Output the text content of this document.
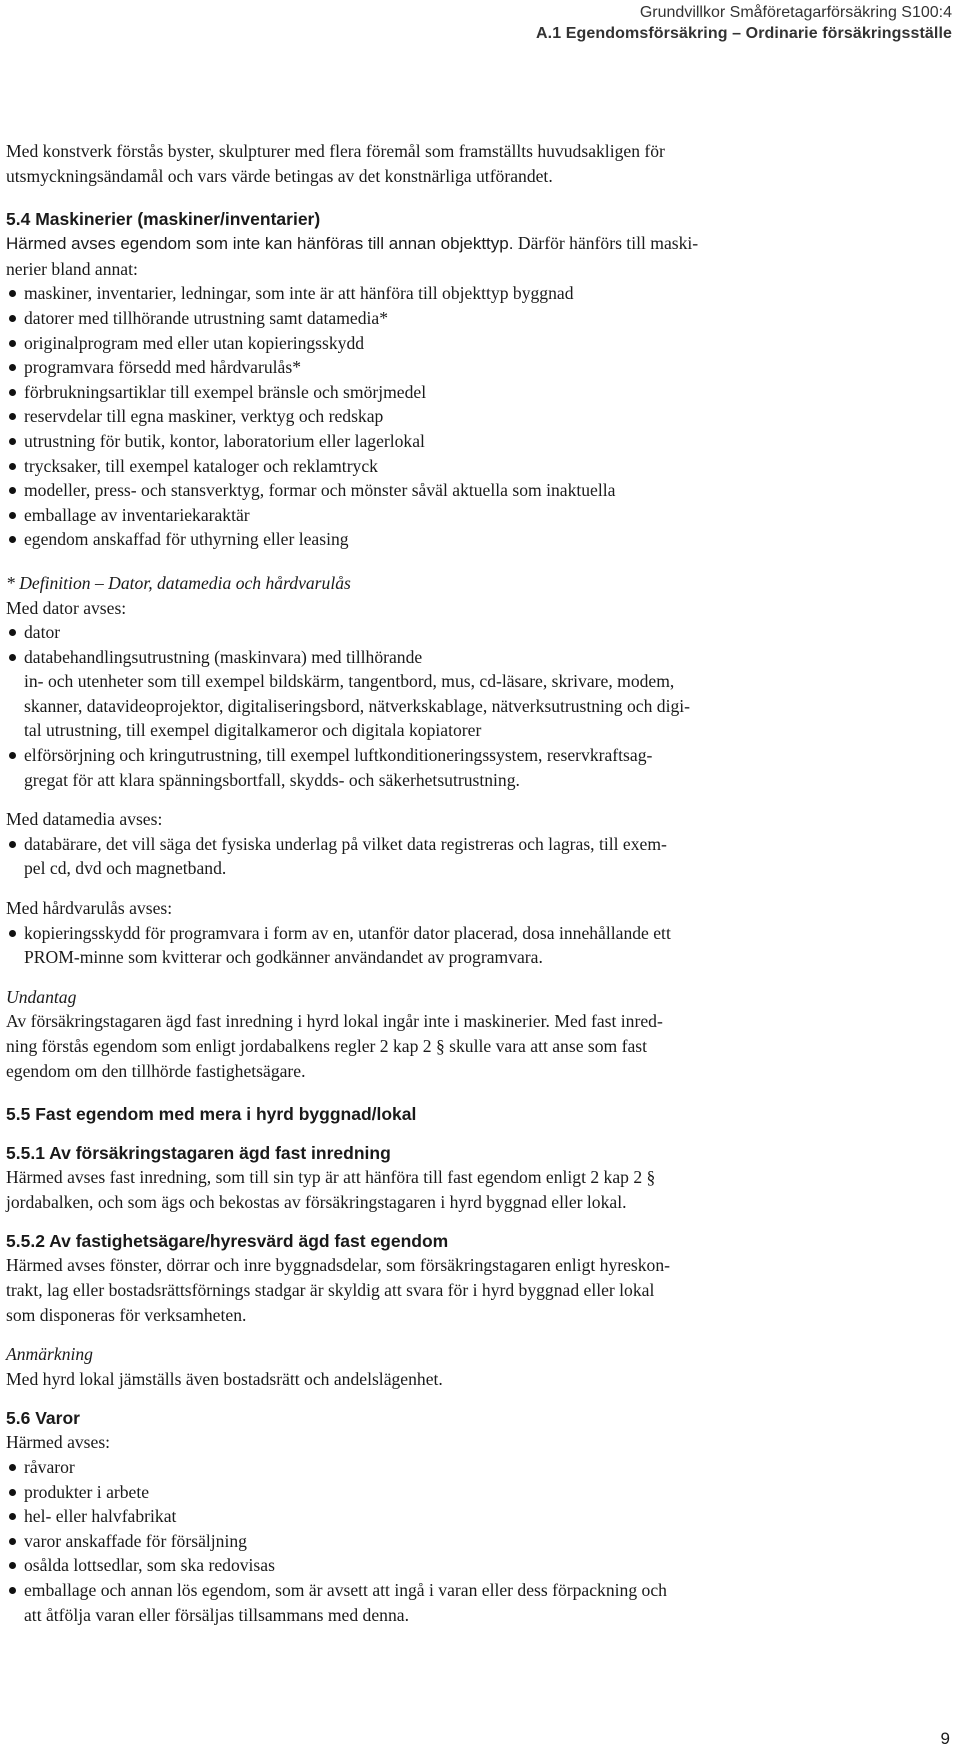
Grundvillkor Småföretagarförsäkring S100:4
A.1 Egendomsförsäkring – Ordinarie försäkringsställe

Med konstverk förstås byster, skulpturer med flera föremål som framställts huvudsakligen för
utsmyckningsändamål och vars värde betingas av det konstnärliga utförandet.

5.4 Maskinerier (maskiner/inventarier)

Härmed avses egendom som inte kan hänföras till annan objekttyp. Därför hänförs till maski-
nerier bland annat:

maskiner, inventarier, ledningar, som inte är att hänföra till objekttyp byggnad
datorer med tillhörande utrustning samt datamedia*
originalprogram med eller utan kopieringsskydd
programvara försedd med hårdvarulås*
förbrukningsartiklar till exempel bränsle och smörjmedel
reservdelar till egna maskiner, verktyg och redskap
utrustning för butik, kontor, laboratorium eller lagerlokal
trycksaker, till exempel kataloger och reklamtryck
modeller, press- och stansverktyg, formar och mönster såväl aktuella som inaktuella
emballage av inventariekaraktär
egendom anskaffad för uthyrning eller leasing

* Definition – Dator, datamedia och hårdvarulås

Med dator avses:

dator
databehandlingsutrustning (maskinvara) med tillhörande

in- och utenheter som till exempel bildskärm, tangentbord, mus, cd-läsare, skrivare, modem,
skanner, datavideoprojektor, digitaliseringsbord, nätverkskablage, nätverksutrustning och digi-
tal utrustning, till exempel digitalkameror och digitala kopiatorer

elförsörjning och kringutrustning, till exempel luftkonditioneringssystem, reservkraftsag-
gregat för att klara spänningsbortfall, skydds- och säkerhetsutrustning.

Med datamedia avses:

databärare, det vill säga det fysiska underlag på vilket data registreras och lagras, till exem-
pel cd, dvd och magnetband.

Med hårdvarulås avses:

kopieringsskydd för programvara i form av en, utanför dator placerad, dosa innehållande ett
PROM-minne som kvitterar och godkänner användandet av programvara.

Undantag

Av försäkringstagaren ägd fast inredning i hyrd lokal ingår inte i maskinerier. Med fast inred-
ning förstås egendom som enligt jordabalkens regler 2 kap 2 § skulle vara att anse som fast
egendom om den tillhörde fastighetsägare.

5.5 Fast egendom med mera i hyrd byggnad/lokal

5.5.1 Av försäkringstagaren ägd fast inredning

Härmed avses fast inredning, som till sin typ är att hänföra till fast egendom enligt 2 kap 2 §
jordabalken, och som ägs och bekostas av försäkringstagaren i hyrd byggnad eller lokal.

5.5.2 Av fastighetsägare/hyresvärd ägd fast egendom

Härmed avses fönster, dörrar och inre byggnadsdelar, som försäkringstagaren enligt hyreskon-
trakt, lag eller bostadsrättsförnings stadgar är skyldig att svara för i hyrd byggnad eller lokal
som disponeras för verksamheten.

Anmärkning

Med hyrd lokal jämställs även bostadsrätt och andelslägenhet.

5.6 Varor

Härmed avses:

råvaror
produkter i arbete
hel- eller halvfabrikat
varor anskaffade för försäljning
osålda lottsedlar, som ska redovisas
emballage och annan lös egendom, som är avsett att ingå i varan eller dess förpackning och
att åtfölja varan eller försäljas tillsammans med denna.
9
